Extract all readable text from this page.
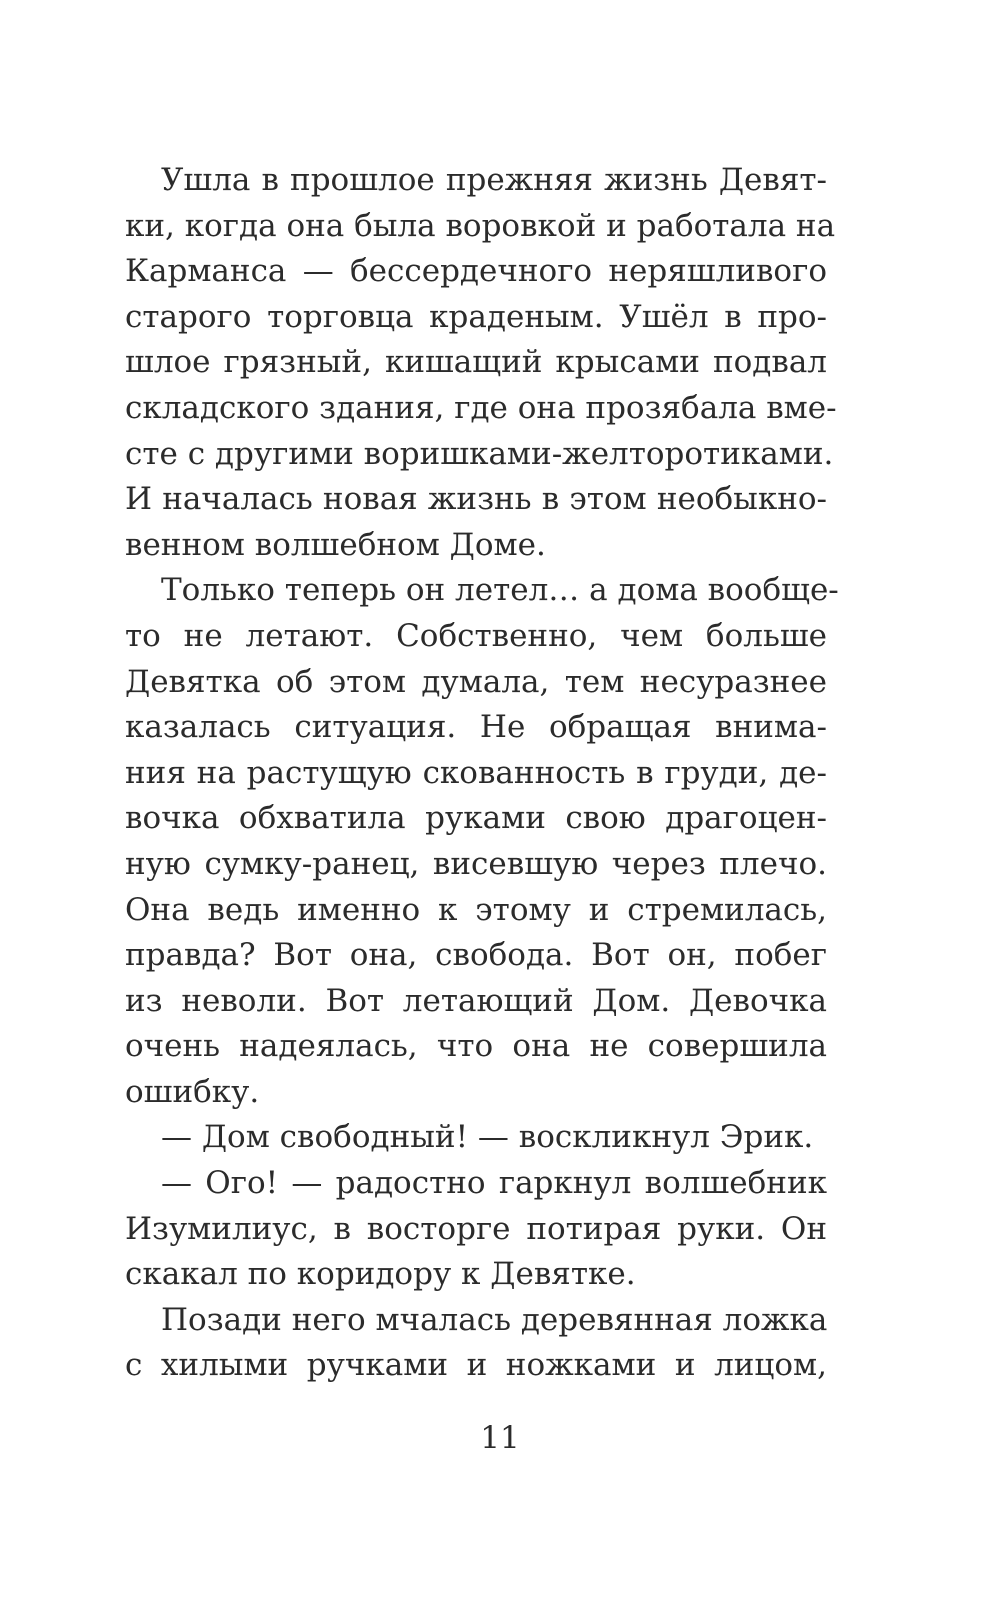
Ушла в прошлое прежняя жизнь Девят-
ки, когда она была воровкой и работала на
Карманса — бессердечного неряшливого
старого торговца краденым. Ушёл в про-
шлое грязный, кишащий крысами подвал
складского здания, где она прозябала вме-
сте с другими воришками-желторотиками.
И началась новая жизнь в этом необыкно-
венном волшебном Доме.
Только теперь он летел… а дома вообще-
то не летают. Собственно, чем больше
Девятка об этом думала, тем несуразнее
казалась ситуация. Не обращая внима-
ния на растущую скованность в груди, де-
вочка обхватила руками свою драгоцен-
ную сумку-ранец, висевшую через плечо.
Она ведь именно к этому и стремилась,
правда? Вот она, свобода. Вот он, побег
из неволи. Вот летающий Дом. Девочка
очень надеялась, что она не совершила
ошибку.
— Дом свободный! — воскликнул Эрик.
— Ого! — радостно гаркнул волшебник
Изумилиус, в восторге потирая руки. Он
скакал по коридору к Девятке.
Позади него мчалась деревянная ложка
с хилыми ручками и ножками и лицом,
11
